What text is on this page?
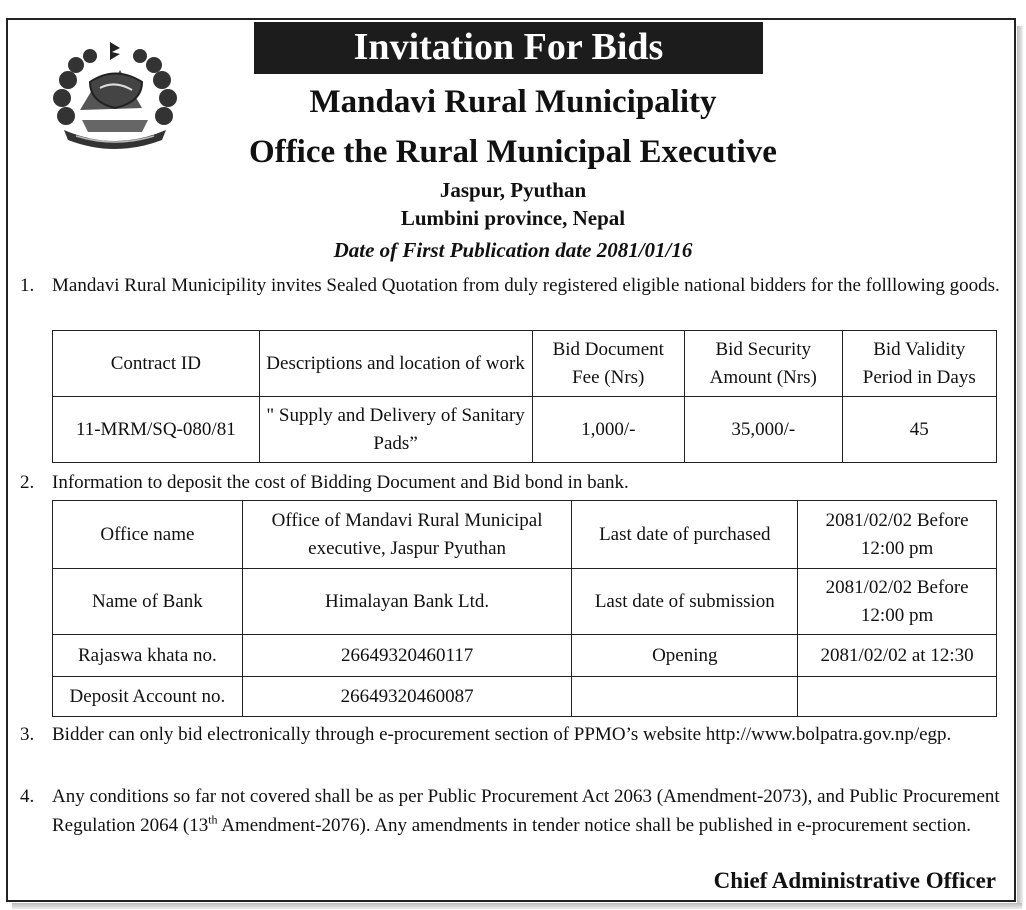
Invitation For Bids
Mandavi Rural Municipality
Office the Rural Municipal Executive
Jaspur, Pyuthan
Lumbini province, Nepal
Date of First Publication date 2081/01/16
1. Mandavi Rural Municipility invites Sealed Quotation from duly registered eligible national bidders for the folllowing goods.
Contract ID	Descriptions and location of work	Bid Document Fee (Nrs)	Bid Security Amount (Nrs)	Bid Validity Period in Days
11-MRM/SQ-080/81	" Supply and Delivery of Sanitary Pads”	1,000/-	35,000/-	45
2. Information to deposit the cost of Bidding Document and Bid bond in bank.
Office name	Office of Mandavi Rural Municipal executive, Jaspur Pyuthan	Last date of purchased	2081/02/02 Before 12:00 pm
Name of Bank	Himalayan Bank Ltd.	Last date of submission	2081/02/02 Before 12:00 pm
Rajaswa khata no.	26649320460117	Opening	2081/02/02 at 12:30
Deposit Account no.	26649320460087		
3. Bidder can only bid electronically through e-procurement section of PPMO’s website http://www.bolpatra.gov.np/egp.
4. Any conditions so far not covered shall be as per Public Procurement Act 2063 (Amendment-2073), and Public Procurement Regulation 2064 (13th Amendment-2076). Any amendments in tender notice shall be published in e-procurement section.
Chief Administrative Officer
